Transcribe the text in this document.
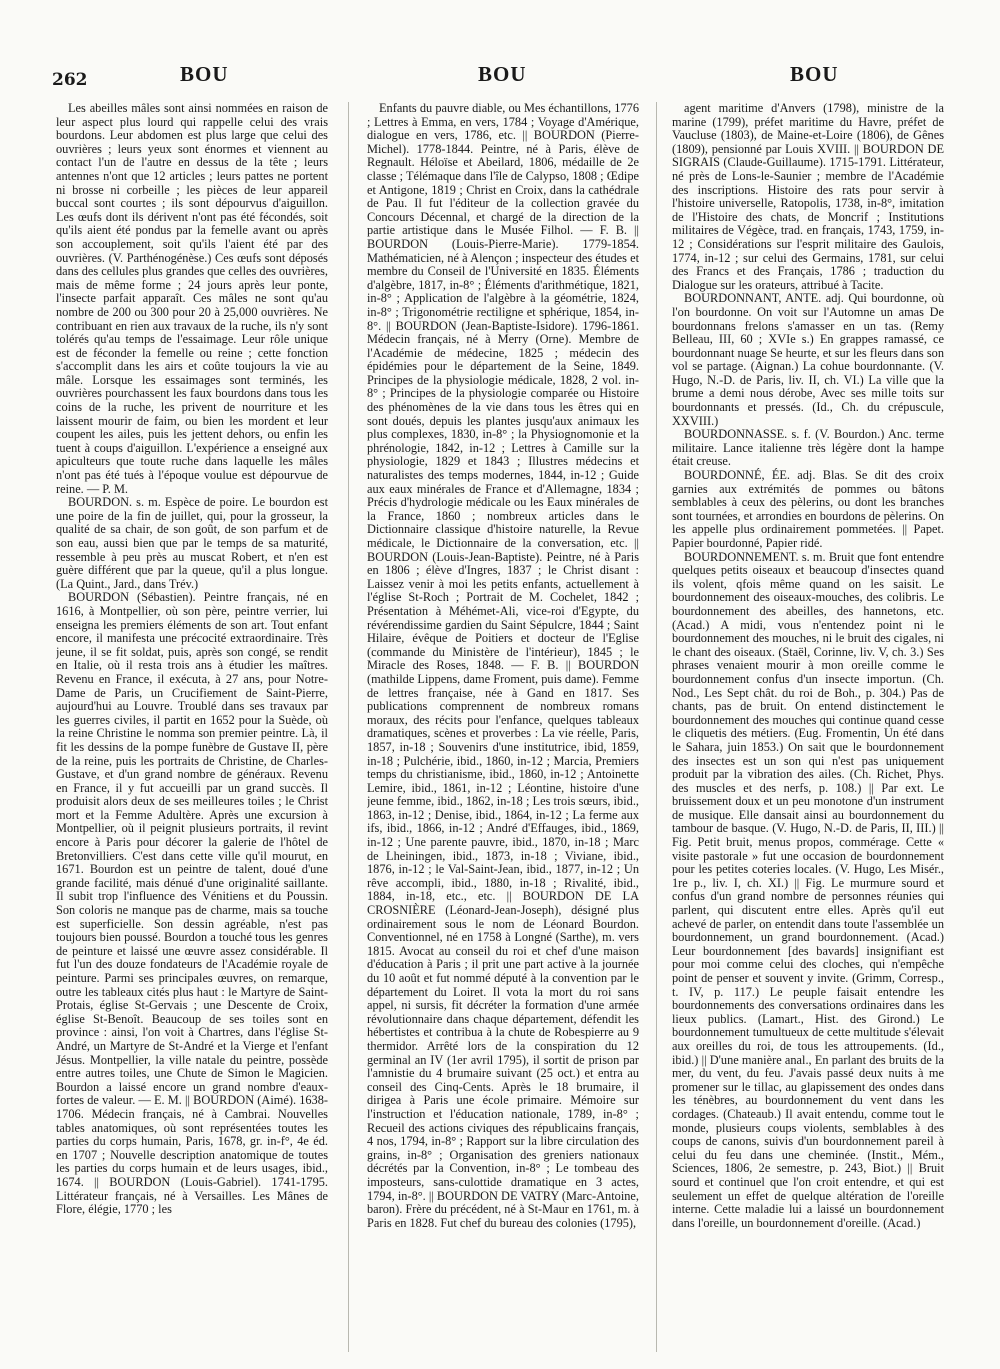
262	BOU	BOU	BOU

Les abeilles mâles sont ainsi nommées en raison de leur aspect plus lourd qui rappelle celui des vrais bourdons. Leur abdomen est plus large que celui des ouvrières ; leurs yeux sont énormes et viennent au contact l'un de l'autre en dessus de la tête ; leurs antennes n'ont que 12 articles ; leurs pattes ne portent ni brosse ni corbeille ; les pièces de leur appareil buccal sont courtes ; ils sont dépourvus d'aiguillon. Les œufs dont ils dérivent n'ont pas été fécondés, soit qu'ils aient été pondus par la femelle avant ou après son accouplement, soit qu'ils l'aient été par des ouvrières. (V. Parthénogénèse.) Ces œufs sont déposés dans des cellules plus grandes que celles des ouvrières, mais de même forme ; 24 jours après leur ponte, l'insecte parfait apparaît. Ces mâles ne sont qu'au nombre de 200 ou 300 pour 20 à 25,000 ouvrières. Ne contribuant en rien aux travaux de la ruche, ils n'y sont tolérés qu'au temps de l'essaimage. Leur rôle unique est de féconder la femelle ou reine ; cette fonction s'accomplit dans les airs et coûte toujours la vie au mâle. Lorsque les essaimages sont terminés, les ouvrières pourchassent les faux bourdons dans tous les coins de la ruche, les privent de nourriture et les laissent mourir de faim, ou bien les mordent et leur coupent les ailes, puis les jettent dehors, ou enfin les tuent à coups d'aiguillon. L'expérience a enseigné aux apiculteurs que toute ruche dans laquelle les mâles n'ont pas été tués à l'époque voulue est dépourvue de reine. — P. M.

BOURDON. s. m. Espèce de poire. Le bourdon est une poire de la fin de juillet, qui, pour la grosseur, la qualité de sa chair, de son goût, de son parfum et de son eau, aussi bien que par le temps de sa maturité, ressemble à peu près au muscat Robert, et n'en est guère différent que par la queue, qu'il a plus longue. (La Quint., Jard., dans Trév.)

BOURDON (Sébastien). Peintre français, né en 1616, à Montpellier, où son père, peintre verrier, lui enseigna les premiers éléments de son art. Tout enfant encore, il manifesta une précocité extraordinaire. Très jeune, il se fit soldat, puis, après son congé, se rendit en Italie, où il resta trois ans à étudier les maîtres. Revenu en France, il exécuta, à 27 ans, pour Notre-Dame de Paris, un Crucifiement de Saint-Pierre, aujourd'hui au Louvre. Troublé dans ses travaux par les guerres civiles, il partit en 1652 pour la Suède, où la reine Christine le nomma son premier peintre. Là, il fit les dessins de la pompe funèbre de Gustave II, père de la reine, puis les portraits de Christine, de Charles-Gustave, et d'un grand nombre de généraux. Revenu en France, il y fut accueilli par un grand succès. Il produisit alors deux de ses meilleures toiles ; le Christ mort et la Femme Adultère. Après une excursion à Montpellier, où il peignit plusieurs portraits, il revint encore à Paris pour décorer la galerie de l'hôtel de Bretonvilliers. C'est dans cette ville qu'il mourut, en 1671. Bourdon est un peintre de talent, doué d'une grande facilité, mais dénué d'une originalité saillante. Il subit trop l'influence des Vénitiens et du Poussin. Son coloris ne manque pas de charme, mais sa touche est superficielle. Son dessin agréable, n'est pas toujours bien poussé. Bourdon a touché tous les genres de peinture et laissé une œuvre assez considérable. Il fut l'un des douze fondateurs de l'Académie royale de peinture. Parmi ses principales œuvres, on remarque, outre les tableaux cités plus haut : le Martyre de Saint-Protais, église St-Gervais ; une Descente de Croix, église St-Benoît. Beaucoup de ses toiles sont en province : ainsi, l'on voit à Chartres, dans l'église St-André, un Martyre de St-André et la Vierge et l'enfant Jésus. Montpellier, la ville natale du peintre, possède entre autres toiles, une Chute de Simon le Magicien. Bourdon a laissé encore un grand nombre d'eaux-fortes de valeur. — E. M. || BOURDON (Aimé). 1638-1706. Médecin français, né à Cambrai. Nouvelles tables anatomiques, où sont représentées toutes les parties du corps humain, Paris, 1678, gr. in-f°, 4e éd. en 1707 ; Nouvelle description anatomique de toutes les parties du corps humain et de leurs usages, ibid., 1674. || BOURDON (Louis-Gabriel). 1741-1795. Littérateur français, né à Versailles. Les Mânes de Flore, élégie, 1770 ; les

Enfants du pauvre diable, ou Mes échantillons, 1776 ; Lettres à Emma, en vers, 1784 ; Voyage d'Amérique, dialogue en vers, 1786, etc. || BOURDON (Pierre-Michel). 1778-1844. Peintre, né à Paris, élève de Regnault. Héloïse et Abeilard, 1806, médaille de 2e classe ; Télémaque dans l'île de Calypso, 1808 ; Œdipe et Antigone, 1819 ; Christ en Croix, dans la cathédrale de Pau. Il fut l'éditeur de la collection gravée du Concours Décennal, et chargé de la direction de la partie artistique dans le Musée Filhol. — F. B. || BOURDON (Louis-Pierre-Marie). 1779-1854. Mathématicien, né à Alençon ; inspecteur des études et membre du Conseil de l'Université en 1835. Éléments d'algèbre, 1817, in-8° ; Éléments d'arithmétique, 1821, in-8° ; Application de l'algèbre à la géométrie, 1824, in-8° ; Trigonométrie rectiligne et sphérique, 1854, in-8°. || BOURDON (Jean-Baptiste-Isidore). 1796-1861. Médecin français, né à Merry (Orne). Membre de l'Académie de médecine, 1825 ; médecin des épidémies pour le département de la Seine, 1849. Principes de la physiologie médicale, 1828, 2 vol. in-8° ; Principes de la physiologie comparée ou Histoire des phénomènes de la vie dans tous les êtres qui en sont doués, depuis les plantes jusqu'aux animaux les plus complexes, 1830, in-8° ; la Physiognomonie et la phrénologie, 1842, in-12 ; Lettres à Camille sur la physiologie, 1829 et 1843 ; Illustres médecins et naturalistes des temps modernes, 1844, in-12 ; Guide aux eaux minérales de France et d'Allemagne, 1834 ; Précis d'hydrologie médicale ou les Eaux minérales de la France, 1860 ; nombreux articles dans le Dictionnaire classique d'histoire naturelle, la Revue médicale, le Dictionnaire de la conversation, etc. || BOURDON (Louis-Jean-Baptiste). Peintre, né à Paris en 1806 ; élève d'Ingres, 1837 ; le Christ disant : Laissez venir à moi les petits enfants, actuellement à l'église St-Roch ; Portrait de M. Cochelet, 1842 ; Présentation à Méhémet-Ali, vice-roi d'Egypte, du révérendissime gardien du Saint Sépulcre, 1844 ; Saint Hilaire, évêque de Poitiers et docteur de l'Eglise (commande du Ministère de l'intérieur), 1845 ; le Miracle des Roses, 1848. — F. B. || BOURDON (mathilde Lippens, dame Froment, puis dame). Femme de lettres française, née à Gand en 1817. Ses publications comprennent de nombreux romans moraux, des récits pour l'enfance, quelques tableaux dramatiques, scènes et proverbes : La vie réelle, Paris, 1857, in-18 ; Souvenirs d'une institutrice, ibid, 1859, in-18 ; Pulchérie, ibid., 1860, in-12 ; Marcia, Premiers temps du christianisme, ibid., 1860, in-12 ; Antoinette Lemire, ibid., 1861, in-12 ; Léontine, histoire d'une jeune femme, ibid., 1862, in-18 ; Les trois sœurs, ibid., 1863, in-12 ; Denise, ibid., 1864, in-12 ; La ferme aux ifs, ibid., 1866, in-12 ; André d'Effauges, ibid., 1869, in-12 ; Une parente pauvre, ibid., 1870, in-18 ; Marc de Lheiningen, ibid., 1873, in-18 ; Viviane, ibid., 1876, in-12 ; le Val-Saint-Jean, ibid., 1877, in-12 ; Un rêve accompli, ibid., 1880, in-18 ; Rivalité, ibid., 1884, in-18, etc., etc. || BOURDON DE LA CROSNIÈRE (Léonard-Jean-Joseph), désigné plus ordinairement sous le nom de Léonard Bourdon. Conventionnel, né en 1758 à Longné (Sarthe), m. vers 1815. Avocat au conseil du roi et chef d'une maison d'éducation à Paris ; il prit une part active à la journée du 10 août et fut nommé député à la convention par le département du Loiret. Il vota la mort du roi sans appel, ni sursis, fit décréter la formation d'une armée révolutionnaire dans chaque département, défendit les hébertistes et contribua à la chute de Robespierre au 9 thermidor. Arrêté lors de la conspiration du 12 germinal an IV (1er avril 1795), il sortit de prison par l'amnistie du 4 brumaire suivant (25 oct.) et entra au conseil des Cinq-Cents. Après le 18 brumaire, il dirigea à Paris une école primaire. Mémoire sur l'instruction et l'éducation nationale, 1789, in-8° ; Recueil des actions civiques des républicains français, 4 nos, 1794, in-8° ; Rapport sur la libre circulation des grains, in-8° ; Organisation des greniers nationaux décrétés par la Convention, in-8° ; Le tombeau des imposteurs, sans-culottide dramatique en 3 actes, 1794, in-8°. || BOURDON DE VATRY (Marc-Antoine, baron). Frère du précédent, né à St-Maur en 1761, m. à Paris en 1828. Fut chef du bureau des colonies (1795),

agent maritime d'Anvers (1798), ministre de la marine (1799), préfet maritime du Havre, préfet de Vaucluse (1803), de Maine-et-Loire (1806), de Gênes (1809), pensionné par Louis XVIII. || BOURDON DE SIGRAIS (Claude-Guillaume). 1715-1791. Littérateur, né près de Lons-le-Saunier ; membre de l'Académie des inscriptions. Histoire des rats pour servir à l'histoire universelle, Ratopolis, 1738, in-8°, imitation de l'Histoire des chats, de Moncrif ; Institutions militaires de Végèce, trad. en français, 1743, 1759, in-12 ; Considérations sur l'esprit militaire des Gaulois, 1774, in-12 ; sur celui des Germains, 1781, sur celui des Francs et des Français, 1786 ; traduction du Dialogue sur les orateurs, attribué à Tacite.

BOURDONNANT, ANTE. adj. Qui bourdonne, où l'on bourdonne. On voit sur l'Automne un amas De bourdonnans frelons s'amasser en un tas. (Remy Belleau, III, 60 ; XVIe s.) En grappes ramassé, ce bourdonnant nuage Se heurte, et sur les fleurs dans son vol se partage. (Aignan.) La cohue bourdonnante. (V. Hugo, N.-D. de Paris, liv. II, ch. VI.) La ville que la brume a demi nous dérobe, Avec ses mille toits sur bourdonnants et pressés. (Id., Ch. du crépuscule, XXVIII.)

BOURDONNASSE. s. f. (V. Bourdon.) Anc. terme militaire. Lance italienne très légère dont la hampe était creuse.

BOURDONNÉ, ÉE. adj. Blas. Se dit des croix garnies aux extrémités de pommes ou bâtons semblables à ceux des pèlerins, ou dont les branches sont tournées, et arrondies en bourdons de pèlerins. On les appelle plus ordinairement pommetées. || Papet. Papier bourdonné, Papier ridé.

BOURDONNEMENT. s. m. Bruit que font entendre quelques petits oiseaux et beaucoup d'insectes quand ils volent, qfois même quand on les saisit. Le bourdonnement des oiseaux-mouches, des colibris. Le bourdonnement des abeilles, des hannetons, etc. (Acad.) A midi, vous n'entendez point ni le bourdonnement des mouches, ni le bruit des cigales, ni le chant des oiseaux. (Staël, Corinne, liv. V, ch. 3.) Ses phrases venaient mourir à mon oreille comme le bourdonnement confus d'un insecte importun. (Ch. Nod., Les Sept chât. du roi de Boh., p. 304.) Pas de chants, pas de bruit. On entend distinctement le bourdonnement des mouches qui continue quand cesse le cliquetis des métiers. (Eug. Fromentin, Un été dans le Sahara, juin 1853.) On sait que le bourdonnement des insectes est un son qui n'est pas uniquement produit par la vibration des ailes. (Ch. Richet, Phys. des muscles et des nerfs, p. 108.) || Par ext. Le bruissement doux et un peu monotone d'un instrument de musique. Elle dansait ainsi au bourdonnement du tambour de basque. (V. Hugo, N.-D. de Paris, II, III.) || Fig. Petit bruit, menus propos, commérage. Cette « visite pastorale » fut une occasion de bourdonnement pour les petites coteries locales. (V. Hugo, Les Misér., 1re p., liv. I, ch. XI.) || Fig. Le murmure sourd et confus d'un grand nombre de personnes réunies qui parlent, qui discutent entre elles. Après qu'il eut achevé de parler, on entendit dans toute l'assemblée un bourdonnement, un grand bourdonnement. (Acad.) Leur bourdonnement [des bavards] insignifiant est pour moi comme celui des cloches, qui n'empêche point de penser et souvent y invite. (Grimm, Corresp., t. IV, p. 117.) Le peuple faisait entendre les bourdonnements des conversations ordinaires dans les lieux publics. (Lamart., Hist. des Girond.) Le bourdonnement tumultueux de cette multitude s'élevait aux oreilles du roi, de tous les attroupements. (Id., ibid.) || D'une manière anal., En parlant des bruits de la mer, du vent, du feu. J'avais passé deux nuits à me promener sur le tillac, au glapissement des ondes dans les ténèbres, au bourdonnement du vent dans les cordages. (Chateaub.) Il avait entendu, comme tout le monde, plusieurs coups violents, semblables à des coups de canons, suivis d'un bourdonnement pareil à celui du feu dans une cheminée. (Instit., Mém., Sciences, 1806, 2e semestre, p. 243, Biot.) || Bruit sourd et continuel que l'on croit entendre, et qui est seulement un effet de quelque altération de l'oreille interne. Cette maladie lui a laissé un bourdonnement dans l'oreille, un bourdonnement d'oreille. (Acad.)
